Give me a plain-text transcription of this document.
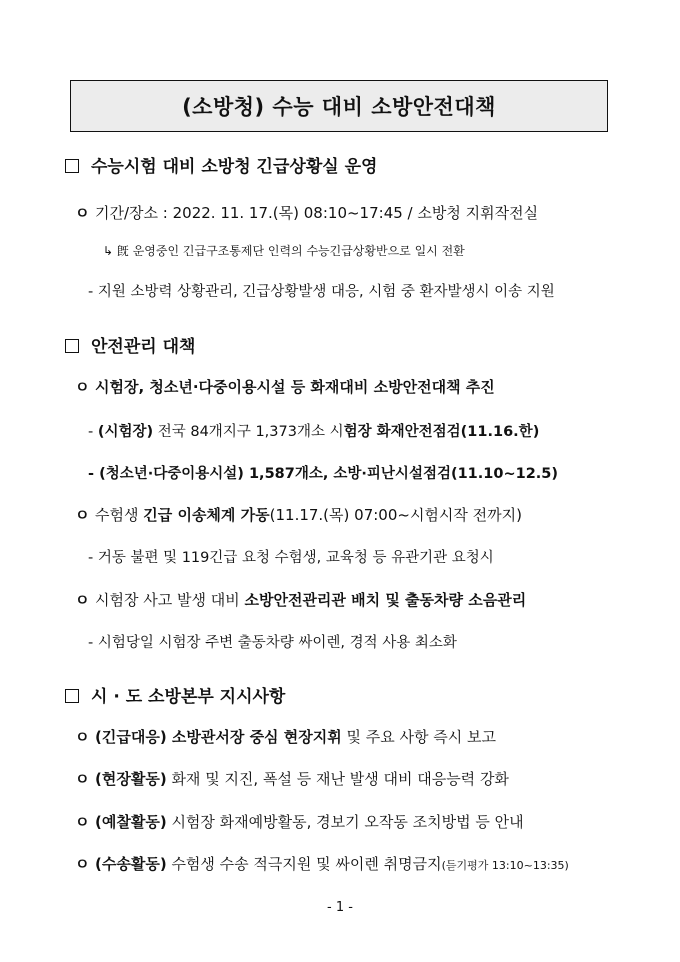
(소방청) 수능 대비 소방안전대책
수능시험 대비 소방청 긴급상황실 운영
ㅇ 기간/장소 : 2022. 11. 17.(목) 08:10~17:45 / 소방청 지휘작전실
↳ 旣 운영중인 긴급구조통제단 인력의 수능긴급상황반으로 일시 전환
- 지원 소방력 상황관리, 긴급상황발생 대응, 시험 중 환자발생시 이송 지원
안전관리 대책
ㅇ 시험장, 청소년·다중이용시설 등 화재대비 소방안전대책 추진
- (시험장) 전국 84개지구 1,373개소 시험장 화재안전점검(11.16.한)
- (청소년·다중이용시설) 1,587개소, 소방·피난시설점검(11.10~12.5)
ㅇ 수험생 긴급 이송체계 가동(11.17.(목) 07:00~시험시작 전까지)
- 거동 불편 및 119긴급 요청 수험생, 교육청 등 유관기관 요청시
ㅇ 시험장 사고 발생 대비 소방안전관리관 배치 및 출동차량 소음관리
- 시험당일 시험장 주변 출동차량 싸이렌, 경적 사용 최소화
시 · 도 소방본부 지시사항
ㅇ (긴급대응) 소방관서장 중심 현장지휘 및 주요 사항 즉시 보고
ㅇ (현장활동) 화재 및 지진, 폭설 등 재난 발생 대비 대응능력 강화
ㅇ (예찰활동) 시험장 화재예방활동, 경보기 오작동 조치방법 등 안내
ㅇ (수송활동) 수험생 수송 적극지원 및 싸이렌 취명금지(듣기평가 13:10~13:35)
- 1 -
